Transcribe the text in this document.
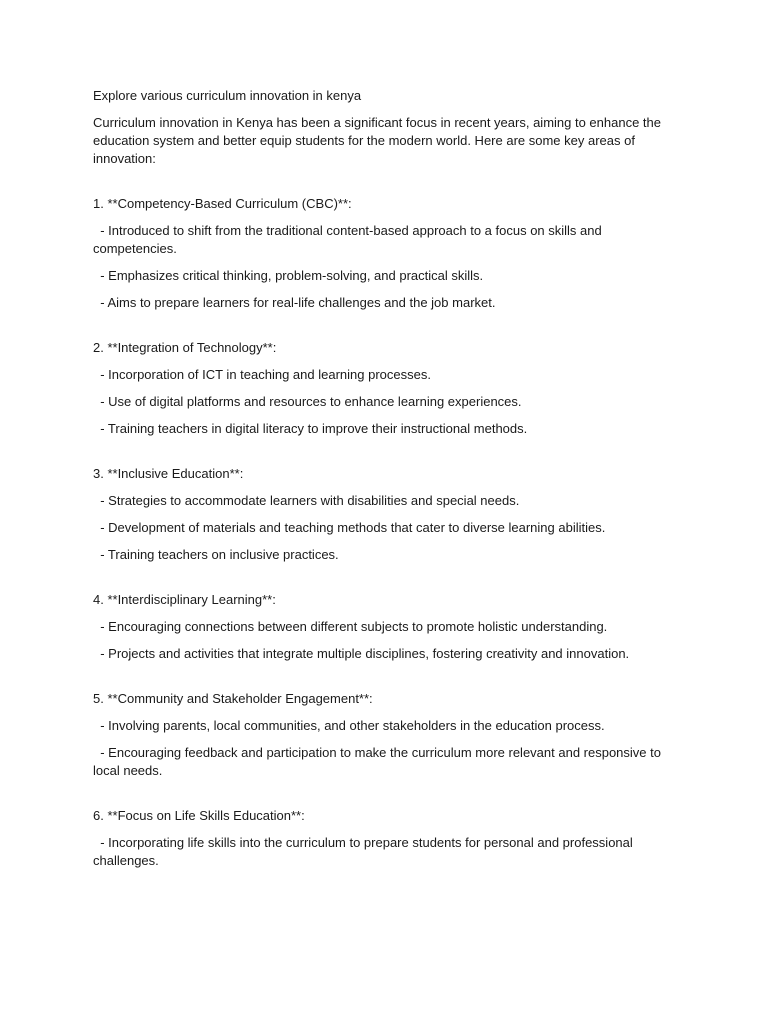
Explore various curriculum innovation in kenya

Curriculum innovation in Kenya has been a significant focus in recent years, aiming to enhance the education system and better equip students for the modern world. Here are some key areas of innovation:

1. **Competency-Based Curriculum (CBC)**:

- Introduced to shift from the traditional content-based approach to a focus on skills and competencies.

- Emphasizes critical thinking, problem-solving, and practical skills.

- Aims to prepare learners for real-life challenges and the job market.

2. **Integration of Technology**:

- Incorporation of ICT in teaching and learning processes.

- Use of digital platforms and resources to enhance learning experiences.

- Training teachers in digital literacy to improve their instructional methods.

3. **Inclusive Education**:

- Strategies to accommodate learners with disabilities and special needs.

- Development of materials and teaching methods that cater to diverse learning abilities.

- Training teachers on inclusive practices.

4. **Interdisciplinary Learning**:

- Encouraging connections between different subjects to promote holistic understanding.

- Projects and activities that integrate multiple disciplines, fostering creativity and innovation.

5. **Community and Stakeholder Engagement**:

- Involving parents, local communities, and other stakeholders in the education process.

- Encouraging feedback and participation to make the curriculum more relevant and responsive to local needs.

6. **Focus on Life Skills Education**:

- Incorporating life skills into the curriculum to prepare students for personal and professional challenges.
